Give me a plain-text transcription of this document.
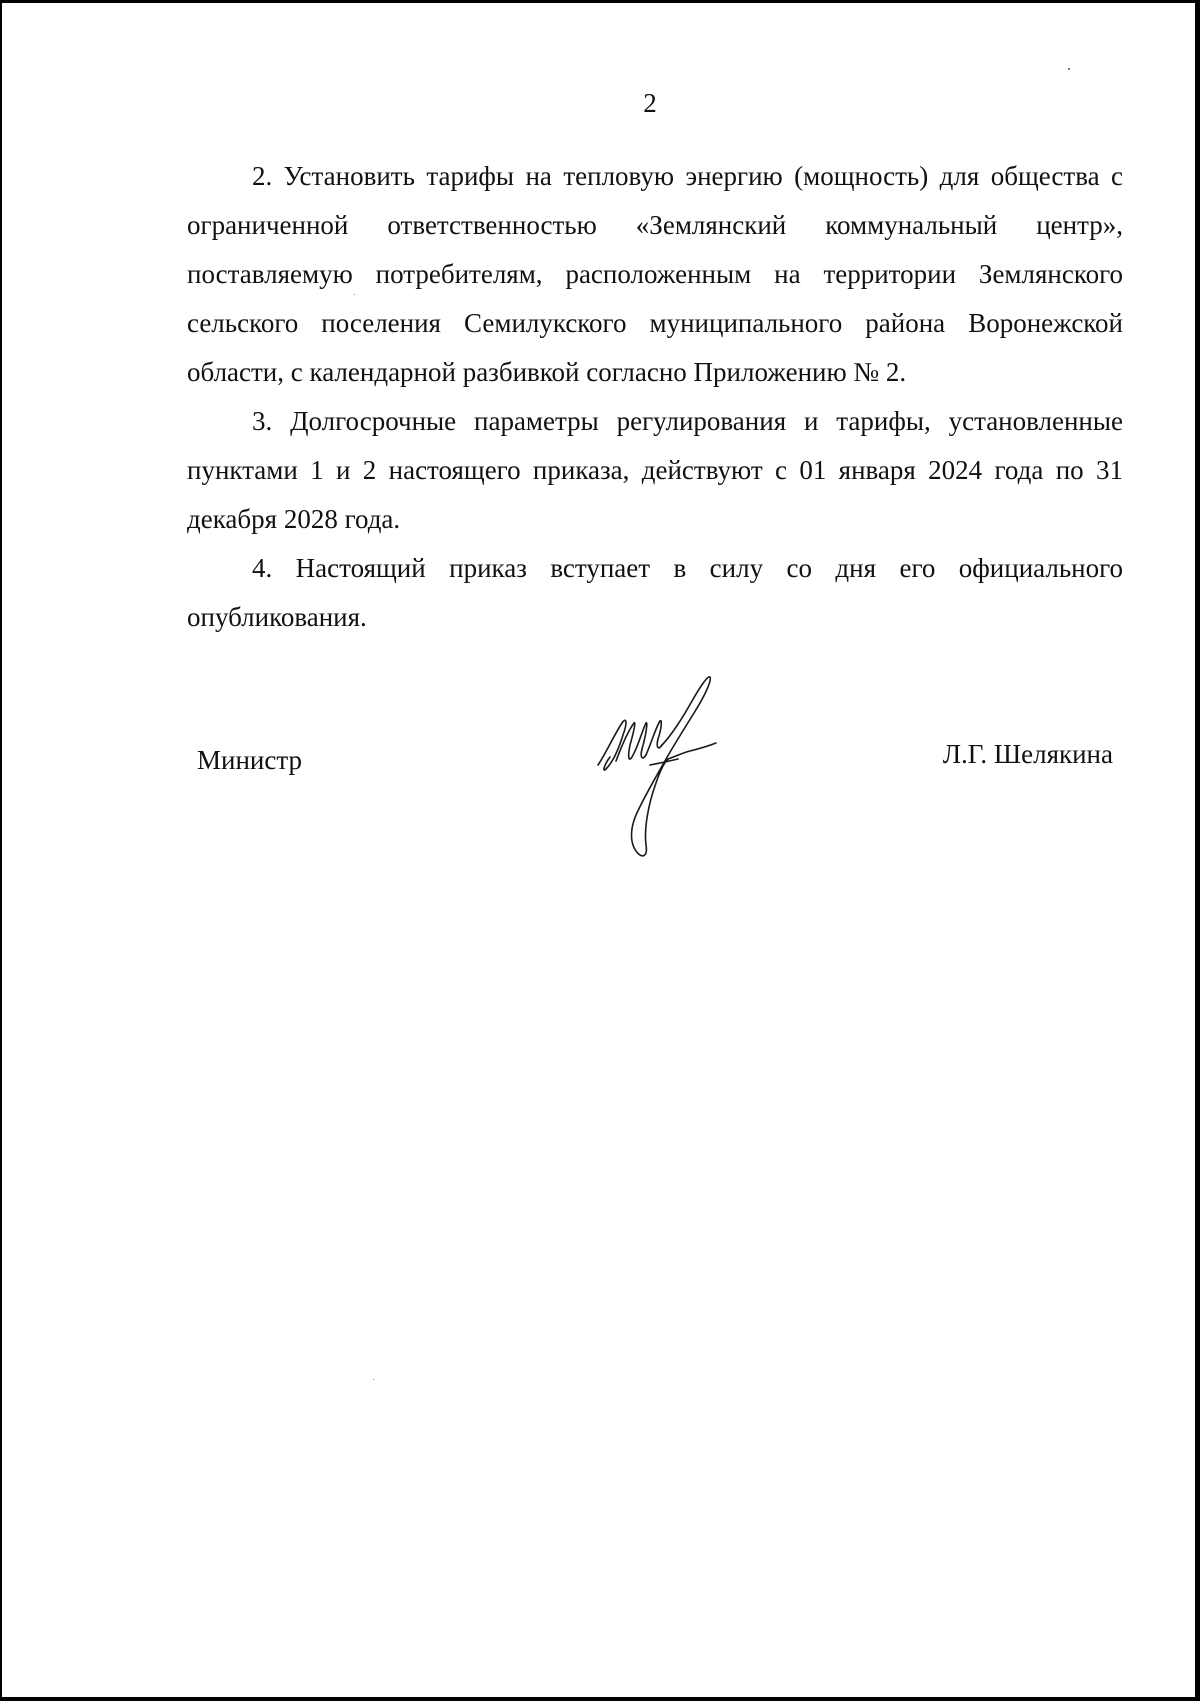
2

2. Установить тарифы на тепловую энергию (мощность) для общества с ограниченной ответственностью «Землянский коммунальный центр», поставляемую потребителям, расположенным на территории Землянского сельского поселения Семилукского муниципального района Воронежской области, с календарной разбивкой согласно Приложению № 2.

3. Долгосрочные параметры регулирования и тарифы, установленные пунктами 1 и 2 настоящего приказа, действуют с 01 января 2024 года по 31 декабря 2028 года.

4. Настоящий приказ вступает в силу со дня его официального опубликования.

Министр	Л.Г. Шелякина
